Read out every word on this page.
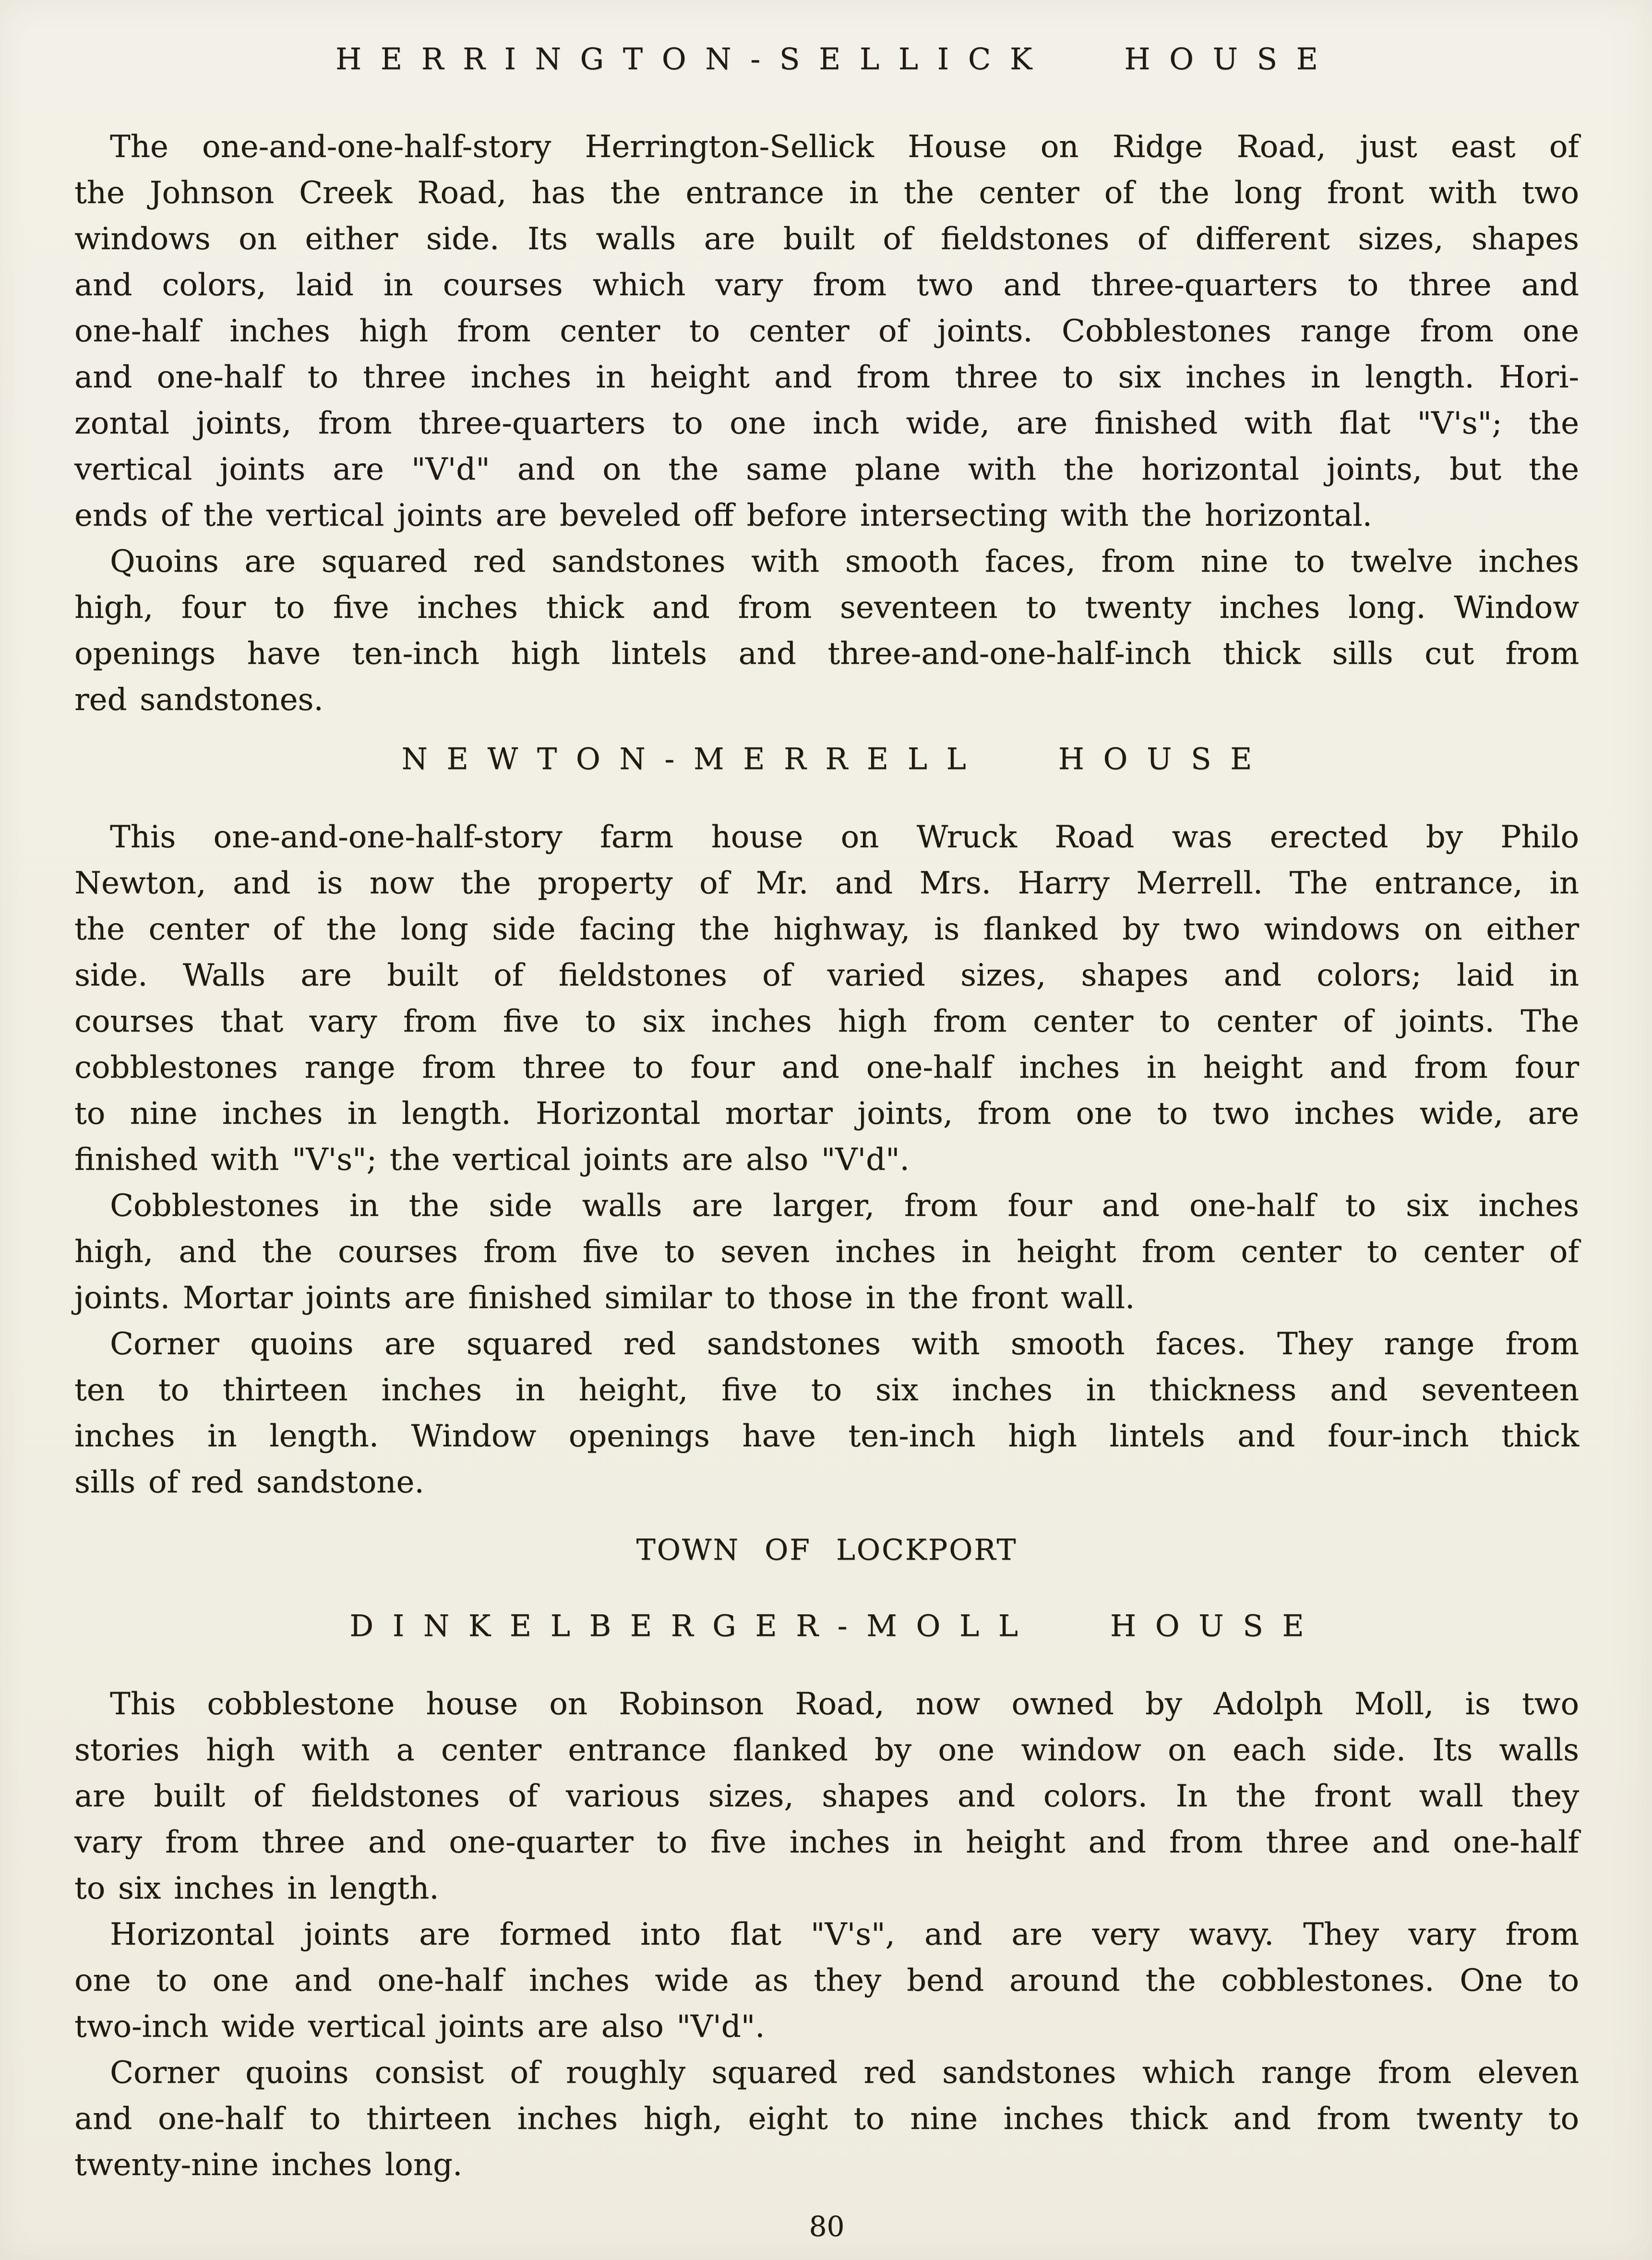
HERRINGTON-SELLICK HOUSE
The one-and-one-half-story Herrington-Sellick House on Ridge Road, just east of
the Johnson Creek Road, has the entrance in the center of the long front with two
windows on either side. Its walls are built of fieldstones of different sizes, shapes
and colors, laid in courses which vary from two and three-quarters to three and
one-half inches high from center to center of joints. Cobblestones range from one
and one-half to three inches in height and from three to six inches in length. Hori-
zontal joints, from three-quarters to one inch wide, are finished with flat "V's"; the
vertical joints are "V'd" and on the same plane with the horizontal joints, but the
ends of the vertical joints are beveled off before intersecting with the horizontal.
Quoins are squared red sandstones with smooth faces, from nine to twelve inches
high, four to five inches thick and from seventeen to twenty inches long. Window
openings have ten-inch high lintels and three-and-one-half-inch thick sills cut from
red sandstones.
NEWTON-MERRELL HOUSE
This one-and-one-half-story farm house on Wruck Road was erected by Philo
Newton, and is now the property of Mr. and Mrs. Harry Merrell. The entrance, in
the center of the long side facing the highway, is flanked by two windows on either
side. Walls are built of fieldstones of varied sizes, shapes and colors; laid in
courses that vary from five to six inches high from center to center of joints. The
cobblestones range from three to four and one-half inches in height and from four
to nine inches in length. Horizontal mortar joints, from one to two inches wide, are
finished with "V's"; the vertical joints are also "V'd".
Cobblestones in the side walls are larger, from four and one-half to six inches
high, and the courses from five to seven inches in height from center to center of
joints. Mortar joints are finished similar to those in the front wall.
Corner quoins are squared red sandstones with smooth faces. They range from
ten to thirteen inches in height, five to six inches in thickness and seventeen
inches in length. Window openings have ten-inch high lintels and four-inch thick
sills of red sandstone.
TOWN OF LOCKPORT
DINKELBERGER-MOLL HOUSE
This cobblestone house on Robinson Road, now owned by Adolph Moll, is two
stories high with a center entrance flanked by one window on each side. Its walls
are built of fieldstones of various sizes, shapes and colors. In the front wall they
vary from three and one-quarter to five inches in height and from three and one-half
to six inches in length.
Horizontal joints are formed into flat "V's", and are very wavy. They vary from
one to one and one-half inches wide as they bend around the cobblestones. One to
two-inch wide vertical joints are also "V'd".
Corner quoins consist of roughly squared red sandstones which range from eleven
and one-half to thirteen inches high, eight to nine inches thick and from twenty to
twenty-nine inches long.
80
